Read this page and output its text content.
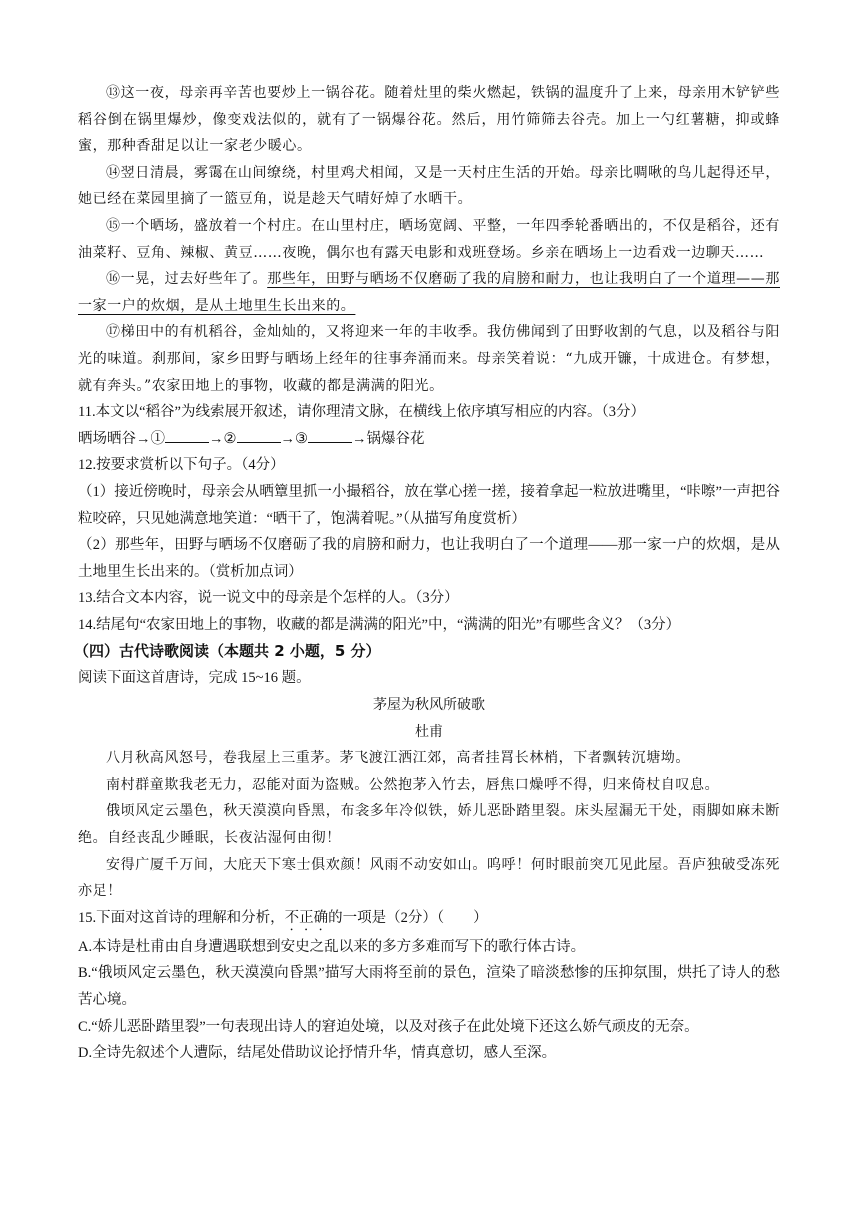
⑬这一夜，母亲再辛苦也要炒上一锅谷花。随着灶里的柴火燃起，铁锅的温度升了上来，母亲用木铲铲些稻谷倒在锅里爆炒，像变戏法似的，就有了一锅爆谷花。然后，用竹筛筛去谷壳。加上一勺红薯糖，抑或蜂蜜，那种香甜足以让一家老少暖心。

⑭翌日清晨，雾霭在山间缭绕，村里鸡犬相闻，又是一天村庄生活的开始。母亲比啁啾的鸟儿起得还早，她已经在菜园里摘了一篮豆角，说是趁天气晴好焯了水晒干。

⑮一个晒场，盛放着一个村庄。在山里村庄，晒场宽阔、平整，一年四季轮番晒出的，不仅是稻谷，还有油菜籽、豆角、辣椒、黄豆……夜晚，偶尔也有露天电影和戏班登场。乡亲在晒场上一边看戏一边聊天……

⑯一晃，过去好些年了。那些年，田野与晒场不仅磨砺了我的肩膀和耐力，也让我明白了一个道理——那一家一户的炊烟，是从土地里生长出来的。

⑰梯田中的有机稻谷，金灿灿的，又将迎来一年的丰收季。我仿佛闻到了田野收割的气息，以及稻谷与阳光的味道。刹那间，家乡田野与晒场上经年的往事奔涌而来。母亲笑着说：“九成开镰，十成进仓。有梦想，就有奔头。”农家田地上的事物，收藏的都是满满的阳光。

11.本文以“稻谷”为线索展开叙述，请你理清文脉，在横线上依序填写相应的内容。（3分）

晒场晒谷→①	→②	→③	→锅爆谷花

12.按要求赏析以下句子。（4分）

（1）接近傍晚时，母亲会从晒簟里抓一小撮稻谷，放在掌心搓一搓，接着拿起一粒放进嘴里，“咔嚓”一声把谷粒咬碎，只见她满意地笑道：“晒干了，饱满着呢。”（从描写角度赏析）

（2）那些年，田野与晒场不仅磨砺了我的肩膀和耐力，也让我明白了一个道理——那一家一户的炊烟，是从土地里生长出来的。（赏析加点词）

13.结合文本内容，说一说文中的母亲是个怎样的人。（3分）

14.结尾句“农家田地上的事物，收藏的都是满满的阳光”中，“满满的阳光”有哪些含义？（3分）

（四）古代诗歌阅读（本题共 2 小题，5 分）

阅读下面这首唐诗，完成 15~16 题。

茅屋为秋风所破歌

杜甫

八月秋高风怒号，卷我屋上三重茅。茅飞渡江洒江郊，高者挂罥长林梢，下者飘转沉塘坳。

南村群童欺我老无力，忍能对面为盗贼。公然抱茅入竹去，唇焦口燥呼不得，归来倚杖自叹息。

俄顷风定云墨色，秋天漠漠向昏黑，布衾多年冷似铁，娇儿恶卧踏里裂。床头屋漏无干处，雨脚如麻未断绝。自经丧乱少睡眠，长夜沾湿何由彻！

安得广厦千万间，大庇天下寒士俱欢颜！风雨不动安如山。呜呼！何时眼前突兀见此屋。吾庐独破受冻死亦足！

15.下面对这首诗的理解和分析，不正确的一项是（2分）（　　）

A.本诗是杜甫由自身遭遇联想到安史之乱以来的多方多难而写下的歌行体古诗。

B.“俄顷风定云墨色，秋天漠漠向昏黑”描写大雨将至前的景色，渲染了暗淡愁惨的压抑氛围，烘托了诗人的愁苦心境。

C.“娇儿恶卧踏里裂”一句表现出诗人的窘迫处境，以及对孩子在此处境下还这么娇气顽皮的无奈。

D.全诗先叙述个人遭际，结尾处借助议论抒情升华，情真意切，感人至深。
